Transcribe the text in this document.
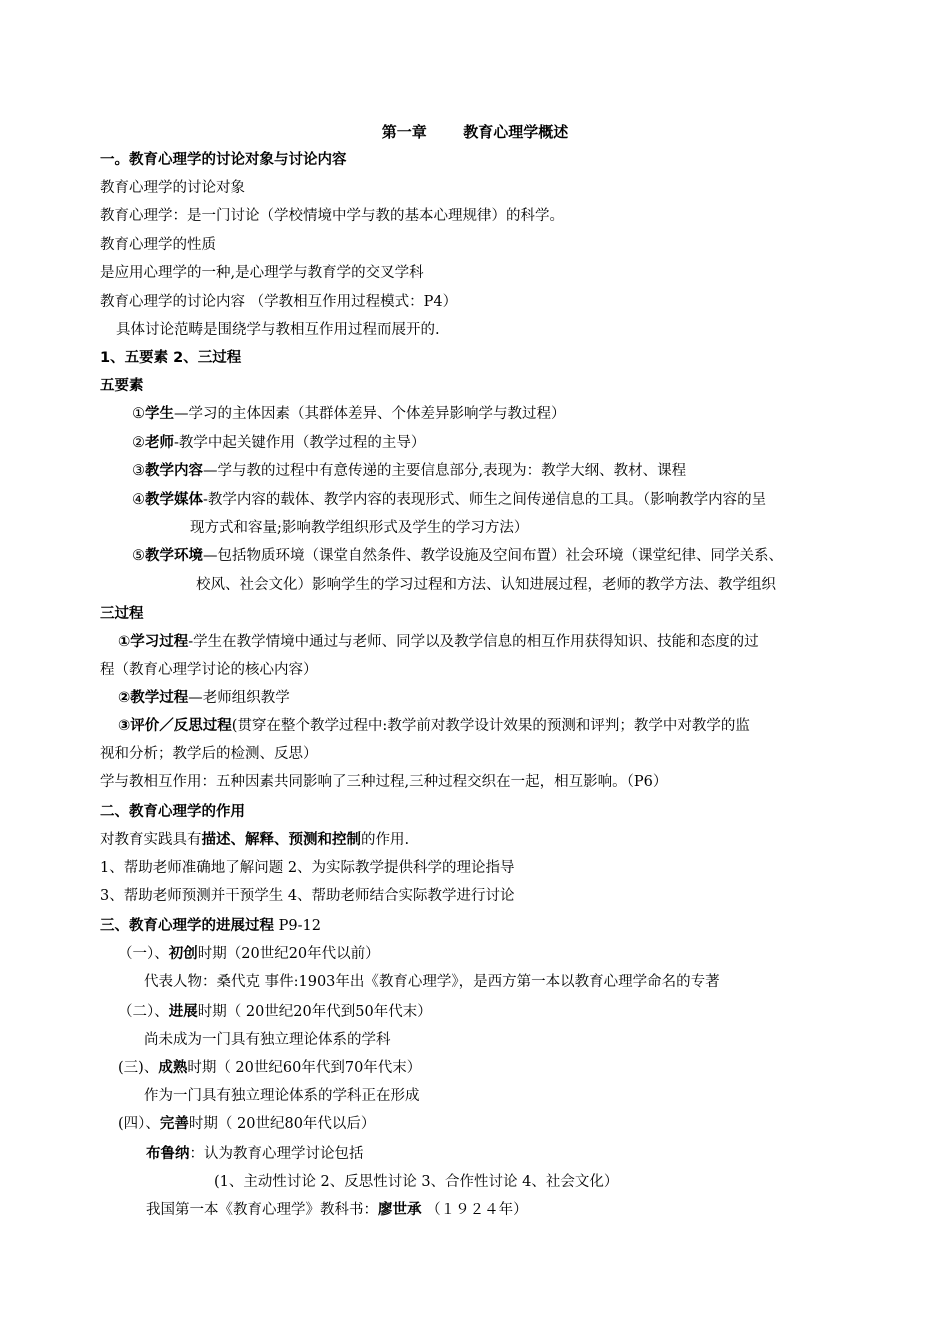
第一章       教育心理学概述
一。教育心理学的讨论对象与讨论内容
教育心理学的讨论对象
教育心理学：是一门讨论（学校情境中学与教的基本心理规律）的科学。
教育心理学的性质
是应用心理学的一种,是心理学与教育学的交叉学科
教育心理学的讨论内容 （学教相互作用过程模式：P4）
具体讨论范畴是围绕学与教相互作用过程而展开的.
1、五要素 2、三过程
五要素
①学生—学习的主体因素（其群体差异、个体差异影响学与教过程）
②老师-教学中起关键作用（教学过程的主导）
③教学内容—学与教的过程中有意传递的主要信息部分,表现为：教学大纲、教材、课程
④教学媒体-教学内容的载体、教学内容的表现形式、师生之间传递信息的工具。（影响教学内容的呈
现方式和容量;影响教学组织形式及学生的学习方法）
⑤教学环境—包括物质环境（课堂自然条件、教学设施及空间布置）社会环境（课堂纪律、同学关系、
校风、社会文化）影响学生的学习过程和方法、认知进展过程，老师的教学方法、教学组织
三过程
①学习过程-学生在教学情境中通过与老师、同学以及教学信息的相互作用获得知识、技能和态度的过
程（教育心理学讨论的核心内容）
②教学过程—老师组织教学
③评价／反思过程(贯穿在整个教学过程中:教学前对教学设计效果的预测和评判；教学中对教学的监
视和分析；教学后的检测、反思）
学与教相互作用：五种因素共同影响了三种过程,三种过程交织在一起，相互影响。（P6）
二、教育心理学的作用
对教育实践具有描述、解释、预测和控制的作用.
1、帮助老师准确地了解问题 2、为实际教学提供科学的理论指导
3、帮助老师预测并干预学生 4、帮助老师结合实际教学进行讨论
三、教育心理学的进展过程 P9-12
（一）、初创时期（20世纪20年代以前）
代表人物：桑代克 事件:1903年出《教育心理学》，是西方第一本以教育心理学命名的专著
（二）、进展时期（ 20世纪20年代到50年代末）
尚未成为一门具有独立理论体系的学科
(三)、成熟时期（ 20世纪60年代到70年代末）
作为一门具有独立理论体系的学科正在形成
(四）、完善时期（ 20世纪80年代以后）
布鲁纳：认为教育心理学讨论包括
(1、主动性讨论 2、反思性讨论 3、合作性讨论 4、社会文化）
我国第一本《教育心理学》教科书：廖世承 （１９２４年）
